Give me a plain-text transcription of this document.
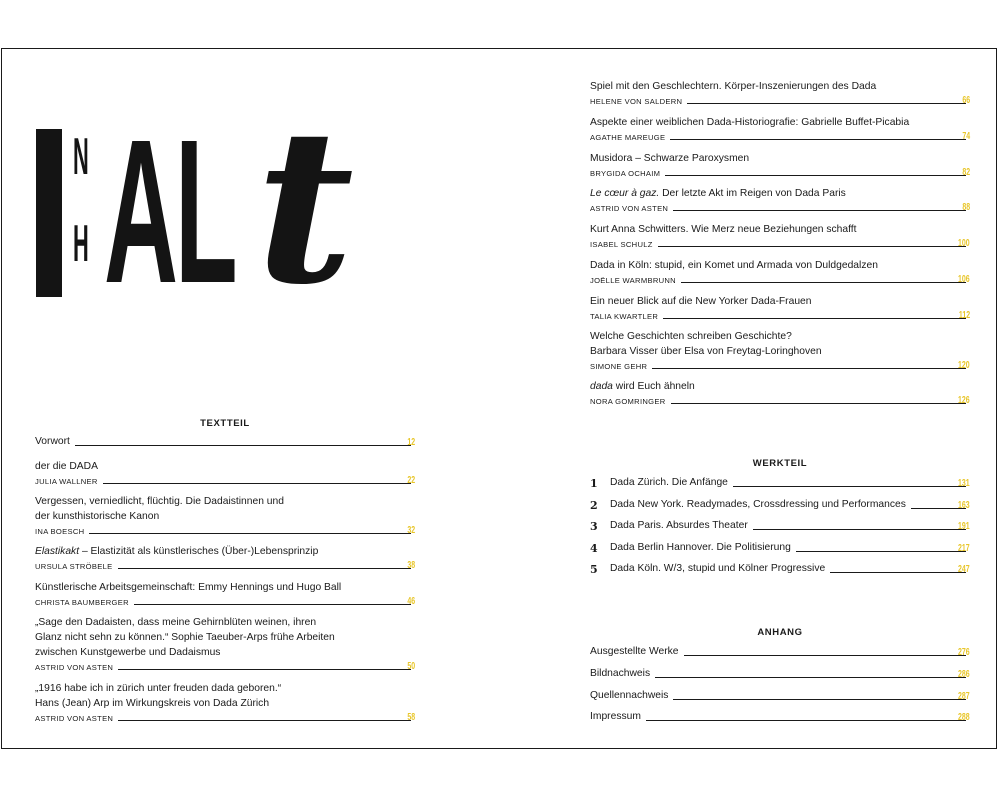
N
H AL t
TEXTTEIL
Vorwort	12
der die DADA
JULIA WALLNER	22
Vergessen, verniedlicht, flüchtig. Die Dadaistinnen und
der kunsthistorische Kanon
INA BOESCH	32
Elastikakt – Elastizität als künstlerisches (Über-)Lebensprinzip
URSULA STRÖBELE	38
Künstlerische Arbeitsgemeinschaft: Emmy Hennings und Hugo Ball
CHRISTA BAUMBERGER	46
„Sage den Dadaisten, dass meine Gehirnblüten weinen, ihren
Glanz nicht sehn zu können.“ Sophie Taeuber-Arps frühe Arbeiten
zwischen Kunstgewerbe und Dadaismus
ASTRID VON ASTEN	50
„1916 habe ich in zürich unter freuden dada geboren.“
Hans (Jean) Arp im Wirkungskreis von Dada Zürich
ASTRID VON ASTEN	58
Spiel mit den Geschlechtern. Körper-Inszenierungen des Dada
HELENE VON SALDERN	66
Aspekte einer weiblichen Dada-Historiografie: Gabrielle Buffet-Picabia
AGATHE MAREUGE	74
Musidora – Schwarze Paroxysmen
BRYGIDA OCHAIM	82
Le cœur à gaz. Der letzte Akt im Reigen von Dada Paris
ASTRID VON ASTEN	88
Kurt Anna Schwitters. Wie Merz neue Beziehungen schafft
ISABEL SCHULZ	100
Dada in Köln: stupid, ein Komet und Armada von Duldgedalzen
JOËLLE WARMBRUNN	106
Ein neuer Blick auf die New Yorker Dada-Frauen
TALIA KWARTLER	112
Welche Geschichten schreiben Geschichte?
Barbara Visser über Elsa von Freytag-Loringhoven
SIMONE GEHR	120
dada wird Euch ähneln
NORA GOMRINGER	126
WERKTEIL
1	Dada Zürich. Die Anfänge	131
2	Dada New York. Readymades, Crossdressing und Performances	163
3	Dada Paris. Absurdes Theater	191
4	Dada Berlin Hannover. Die Politisierung	217
5	Dada Köln. W/3, stupid und Kölner Progressive	247
ANHANG
Ausgestellte Werke	276
Bildnachweis	286
Quellennachweis	287
Impressum	288
